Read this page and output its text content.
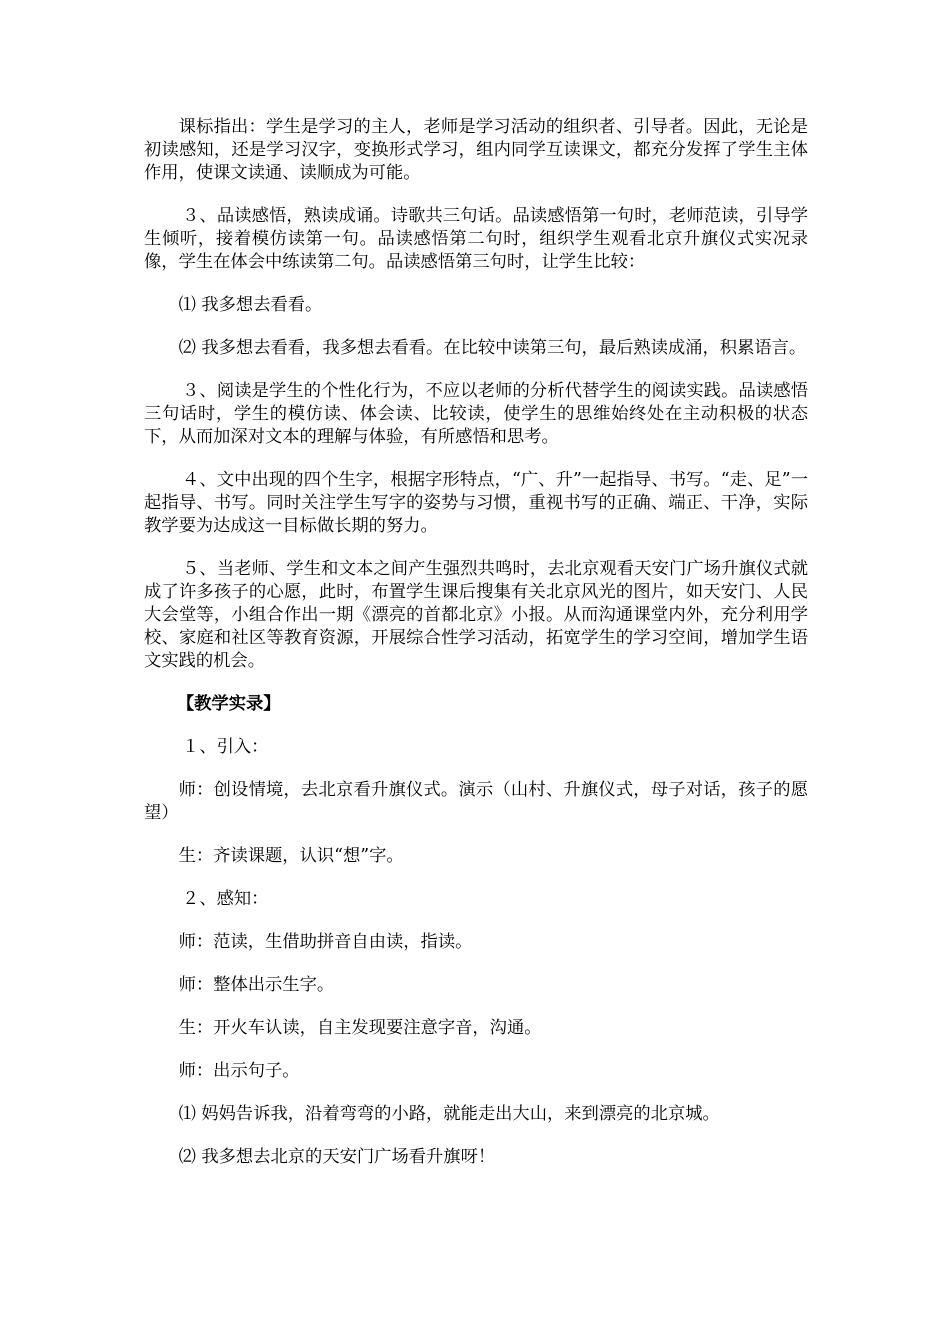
课标指出：学生是学习的主人，老师是学习活动的组织者、引导者。因此，无论是初读感知，还是学习汉字，变换形式学习，组内同学互读课文，都充分发挥了学生主体作用，使课文读通、读顺成为可能。

３、品读感悟，熟读成诵。诗歌共三句话。品读感悟第一句时，老师范读，引导学生倾听，接着模仿读第一句。品读感悟第二句时，组织学生观看北京升旗仪式实况录像，学生在体会中练读第二句。品读感悟第三句时，让学生比较：

⑴ 我多想去看看。

⑵ 我多想去看看，我多想去看看。在比较中读第三句，最后熟读成涌，积累语言。

３、阅读是学生的个性化行为，不应以老师的分析代替学生的阅读实践。品读感悟三句话时，学生的模仿读、体会读、比较读，使学生的思维始终处在主动积极的状态下，从而加深对文本的理解与体验，有所感悟和思考。

４、文中出现的四个生字，根据字形特点，“广、升”一起指导、书写。“走、足”一起指导、书写。同时关注学生写字的姿势与习惯，重视书写的正确、端正、干净，实际教学要为达成这一目标做长期的努力。

５、当老师、学生和文本之间产生强烈共鸣时，去北京观看天安门广场升旗仪式就成了许多孩子的心愿，此时，布置学生课后搜集有关北京风光的图片，如天安门、人民大会堂等，小组合作出一期《漂亮的首都北京》小报。从而沟通课堂内外，充分利用学校、家庭和社区等教育资源，开展综合性学习活动，拓宽学生的学习空间，增加学生语文实践的机会。

【教学实录】

１、引入：

师：创设情境，去北京看升旗仪式。演示（山村、升旗仪式，母子对话，孩子的愿望）

生：齐读课题，认识“想”字。

２、感知：

师：范读，生借助拼音自由读，指读。

师：整体出示生字。

生：开火车认读，自主发现要注意字音，沟通。

师：出示句子。

⑴ 妈妈告诉我，沿着弯弯的小路，就能走出大山，来到漂亮的北京城。

⑵ 我多想去北京的天安门广场看升旗呀！
